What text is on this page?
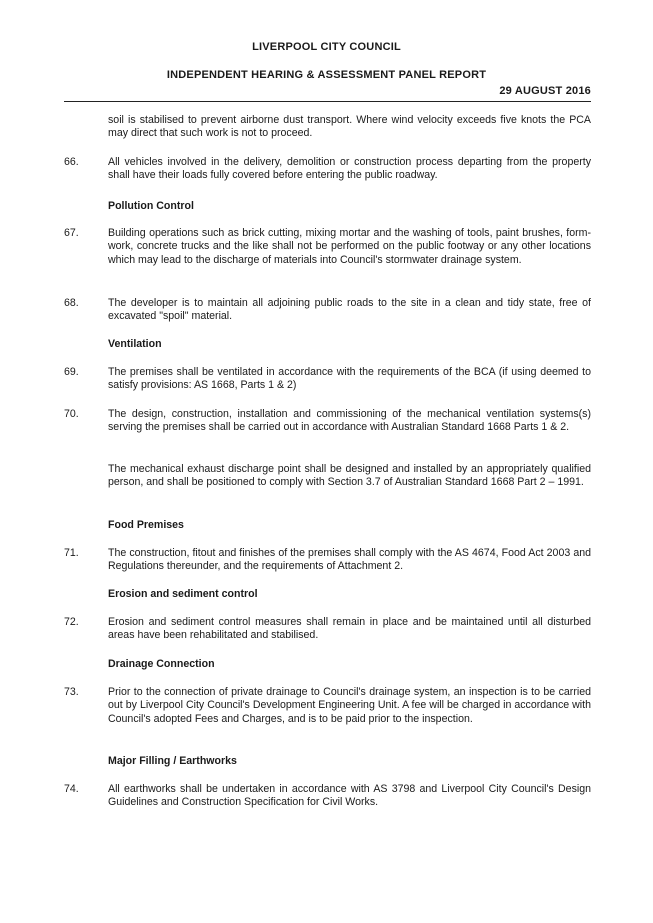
LIVERPOOL CITY COUNCIL
INDEPENDENT HEARING & ASSESSMENT PANEL REPORT
29 AUGUST 2016
soil is stabilised to prevent airborne dust transport. Where wind velocity exceeds five knots the PCA may direct that such work is not to proceed.
66.	All vehicles involved in the delivery, demolition or construction process departing from the property shall have their loads fully covered before entering the public roadway.
Pollution Control
67.	Building operations such as brick cutting, mixing mortar and the washing of tools, paint brushes, form-work, concrete trucks and the like shall not be performed on the public footway or any other locations which may lead to the discharge of materials into Council's stormwater drainage system.
68.	The developer is to maintain all adjoining public roads to the site in a clean and tidy state, free of excavated "spoil" material.
Ventilation
69.	The premises shall be ventilated in accordance with the requirements of the BCA (if using deemed to satisfy provisions: AS 1668, Parts 1 & 2)
70.	The design, construction, installation and commissioning of the mechanical ventilation systems(s) serving the premises shall be carried out in accordance with Australian Standard 1668 Parts 1 & 2.
The mechanical exhaust discharge point shall be designed and installed by an appropriately qualified person, and shall be positioned to comply with Section 3.7 of Australian Standard 1668 Part 2 – 1991.
Food Premises
71.	The construction, fitout and finishes of the premises shall comply with the AS 4674, Food Act 2003 and Regulations thereunder, and the requirements of Attachment 2.
Erosion and sediment control
72.	Erosion and sediment control measures shall remain in place and be maintained until all disturbed areas have been rehabilitated and stabilised.
Drainage Connection
73.	Prior to the connection of private drainage to Council's drainage system, an inspection is to be carried out by Liverpool City Council's Development Engineering Unit. A fee will be charged in accordance with Council's adopted Fees and Charges, and is to be paid prior to the inspection.
Major Filling / Earthworks
74.	All earthworks shall be undertaken in accordance with AS 3798 and Liverpool City Council's Design Guidelines and Construction Specification for Civil Works.
